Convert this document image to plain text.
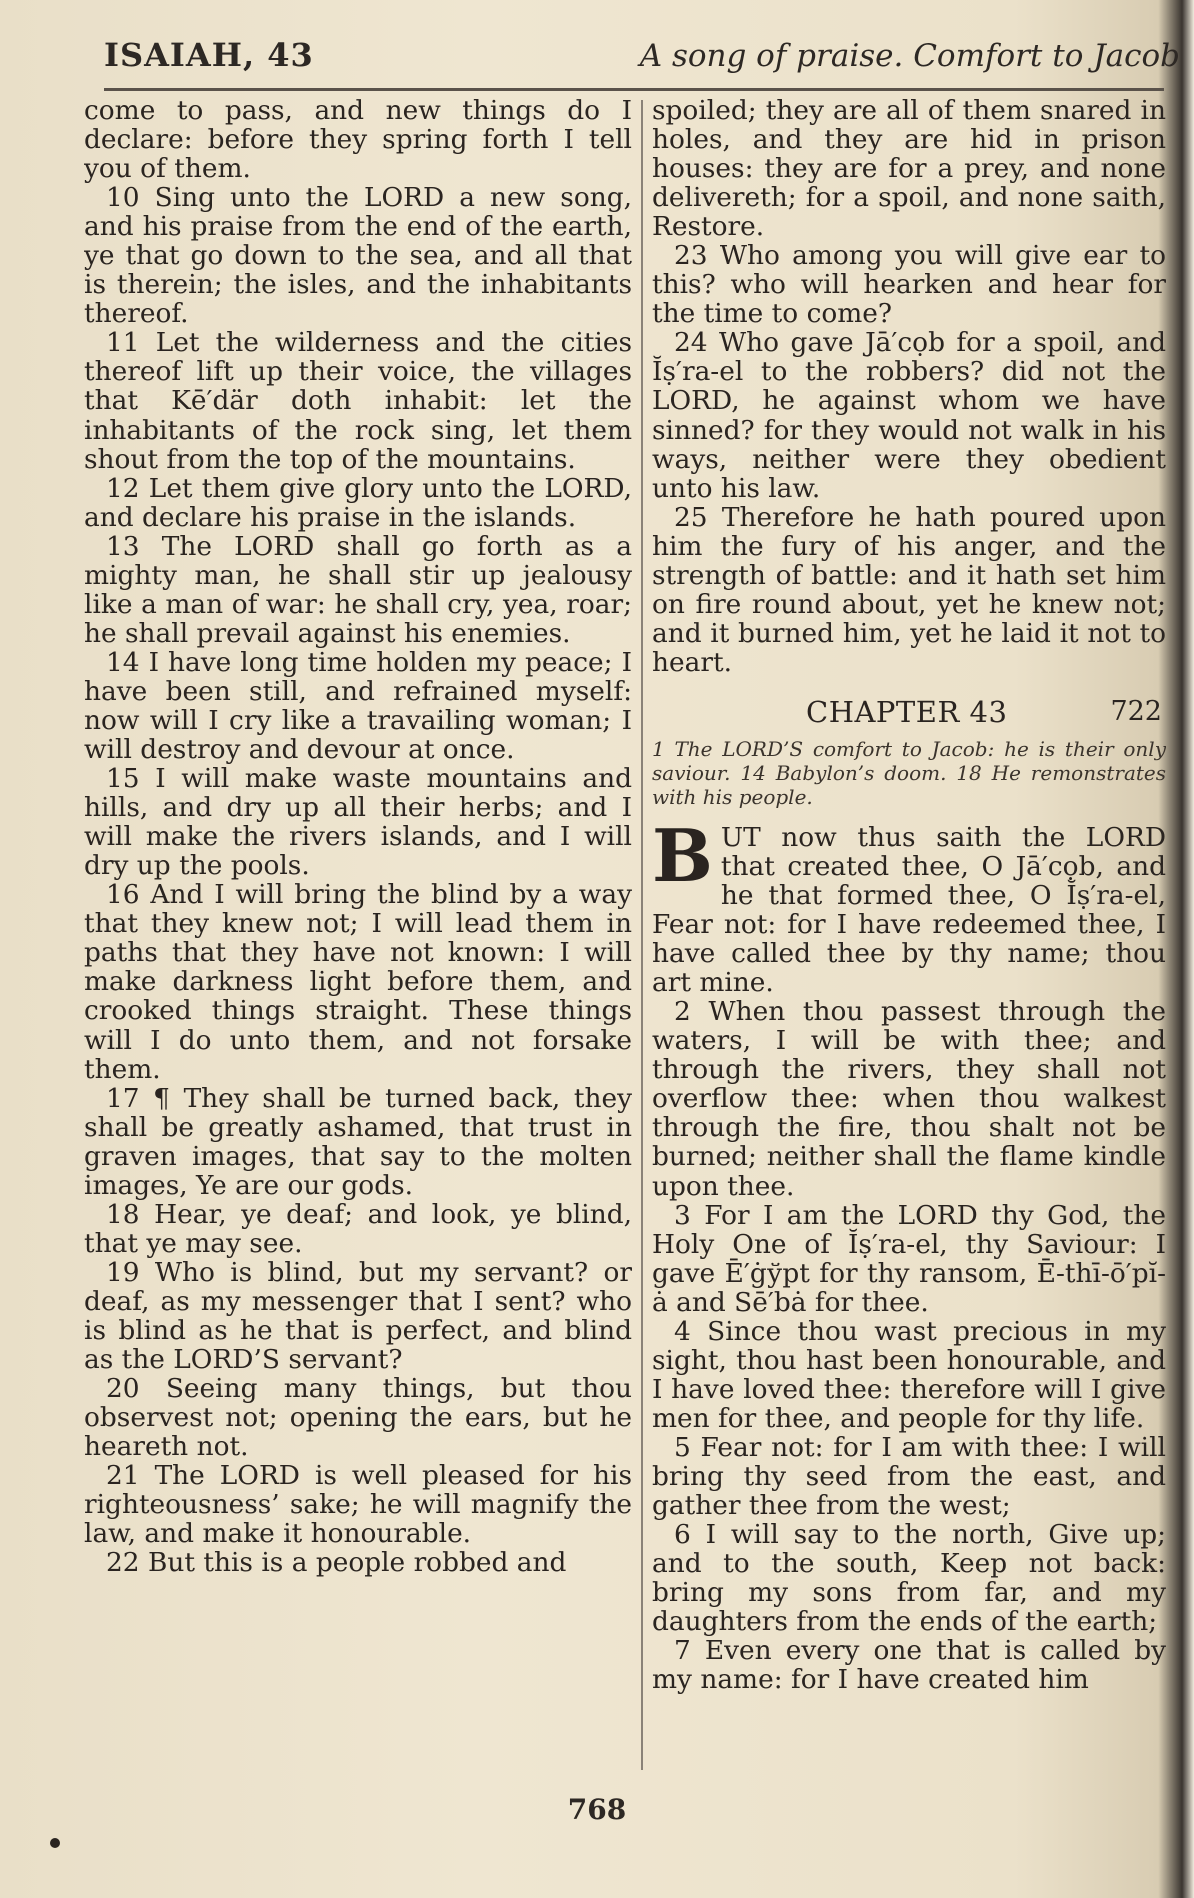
ISAIAH, 43	A song of praise. Comfort to Jacob

come to pass, and new things do I declare: before they spring forth I tell you of them.

10 Sing unto the LORD a new song, and his praise from the end of the earth, ye that go down to the sea, and all that is therein; the isles, and the inhabitants thereof.

11 Let the wilderness and the cities thereof lift up their voice, the villages that Kē′där doth inhabit: let the inhabitants of the rock sing, let them shout from the top of the mountains.

12 Let them give glory unto the LORD, and declare his praise in the islands.

13 The LORD shall go forth as a mighty man, he shall stir up jealousy like a man of war: he shall cry, yea, roar; he shall prevail against his enemies.

14 I have long time holden my peace; I have been still, and refrained myself: now will I cry like a travailing woman; I will destroy and devour at once.

15 I will make waste mountains and hills, and dry up all their herbs; and I will make the rivers islands, and I will dry up the pools.

16 And I will bring the blind by a way that they knew not; I will lead them in paths that they have not known: I will make darkness light before them, and crooked things straight. These things will I do unto them, and not forsake them.

17 ¶ They shall be turned back, they shall be greatly ashamed, that trust in graven images, that say to the molten images, Ye are our gods.

18 Hear, ye deaf; and look, ye blind, that ye may see.

19 Who is blind, but my servant? or deaf, as my messenger that I sent? who is blind as he that is perfect, and blind as the LORD’S servant?

20 Seeing many things, but thou observest not; opening the ears, but he heareth not.

21 The LORD is well pleased for his righteousness’ sake; he will magnify the law, and make it honourable.

22 But this is a people robbed and

spoiled; they are all of them snared in holes, and they are hid in prison houses: they are for a prey, and none delivereth; for a spoil, and none saith, Restore.

23 Who among you will give ear to this? who will hearken and hear for the time to come?

24 Who gave Jā′cọb for a spoil, and Ĭṣ′ra-el to the robbers? did not the LORD, he against whom we have sinned? for they would not walk in his ways, neither were they obedient unto his law.

25 Therefore he hath poured upon him the fury of his anger, and the strength of battle: and it hath set him on fire round about, yet he knew not; and it burned him, yet he laid it not to heart.

CHAPTER 43	722

1 The LORD’S comfort to Jacob: he is their only saviour. 14 Babylon’s doom. 18 He remonstrates with his people.

BUT now thus saith the LORD that created thee, O Jā′cọb, and he that formed thee, O Ĭṣ′ra-el, Fear not: for I have redeemed thee, I have called thee by thy name; thou art mine.

2 When thou passest through the waters, I will be with thee; and through the rivers, they shall not overflow thee: when thou walkest through the fire, thou shalt not be burned; neither shall the flame kindle upon thee.

3 For I am the LORD thy God, the Holy One of Ĭṣ′ra-el, thy Saviour: I gave Ē′ġўpt for thy ransom, Ē-thī-ō′pĭ-ȧ and Sē′bȧ for thee.

4 Since thou wast precious in my sight, thou hast been honourable, and I have loved thee: therefore will I give men for thee, and people for thy life.

5 Fear not: for I am with thee: I will bring thy seed from the east, and gather thee from the west;

6 I will say to the north, Give up; and to the south, Keep not back: bring my sons from far, and my daughters from the ends of the earth;

7 Even every one that is called by my name: for I have created him

768
